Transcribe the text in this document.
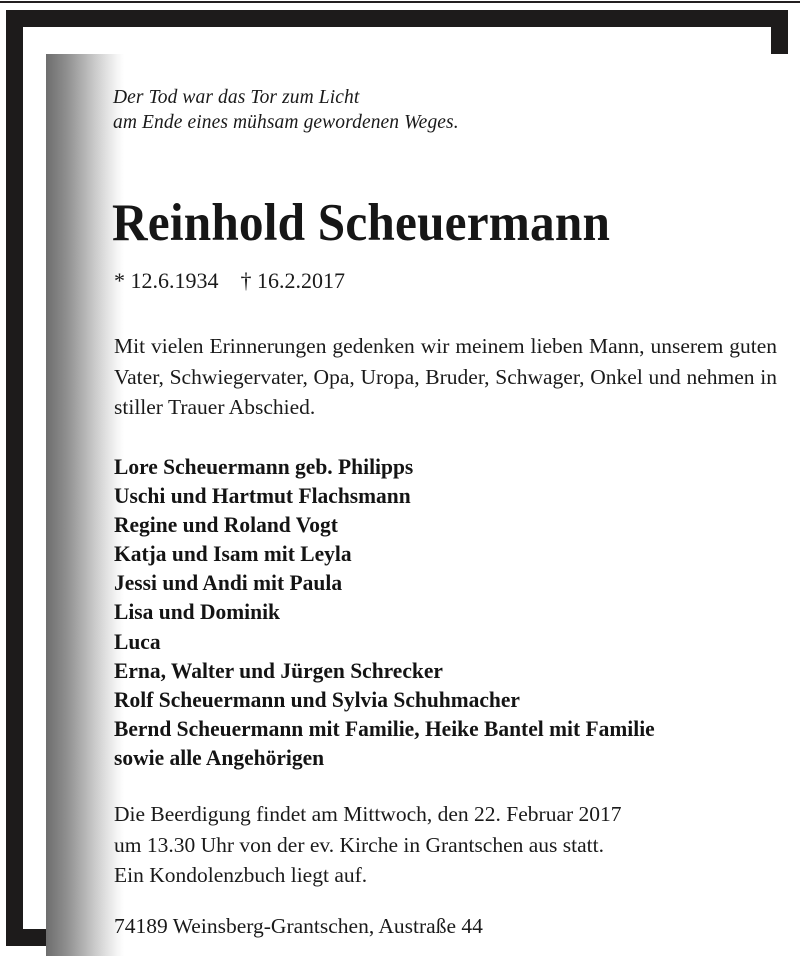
Der Tod war das Tor zum Licht
am Ende eines mühsam gewordenen Weges.
Reinhold Scheuermann
* 12.6.1934    † 16.2.2017
Mit vielen Erinnerungen gedenken wir meinem lieben Mann, unserem guten Vater, Schwiegervater, Opa, Uropa, Bruder, Schwager, Onkel und nehmen in stiller Trauer Abschied.
Lore Scheuermann geb. Philipps
Uschi und Hartmut Flachsmann
Regine und Roland Vogt
Katja und Isam mit Leyla
Jessi und Andi mit Paula
Lisa und Dominik
Luca
Erna, Walter und Jürgen Schrecker
Rolf Scheuermann und Sylvia Schuhmacher
Bernd Scheuermann mit Familie, Heike Bantel mit Familie
sowie alle Angehörigen
Die Beerdigung findet am Mittwoch, den 22. Februar 2017
um 13.30 Uhr von der ev. Kirche in Grantschen aus statt.
Ein Kondolenzbuch liegt auf.
74189 Weinsberg-Grantschen, Austraße 44
